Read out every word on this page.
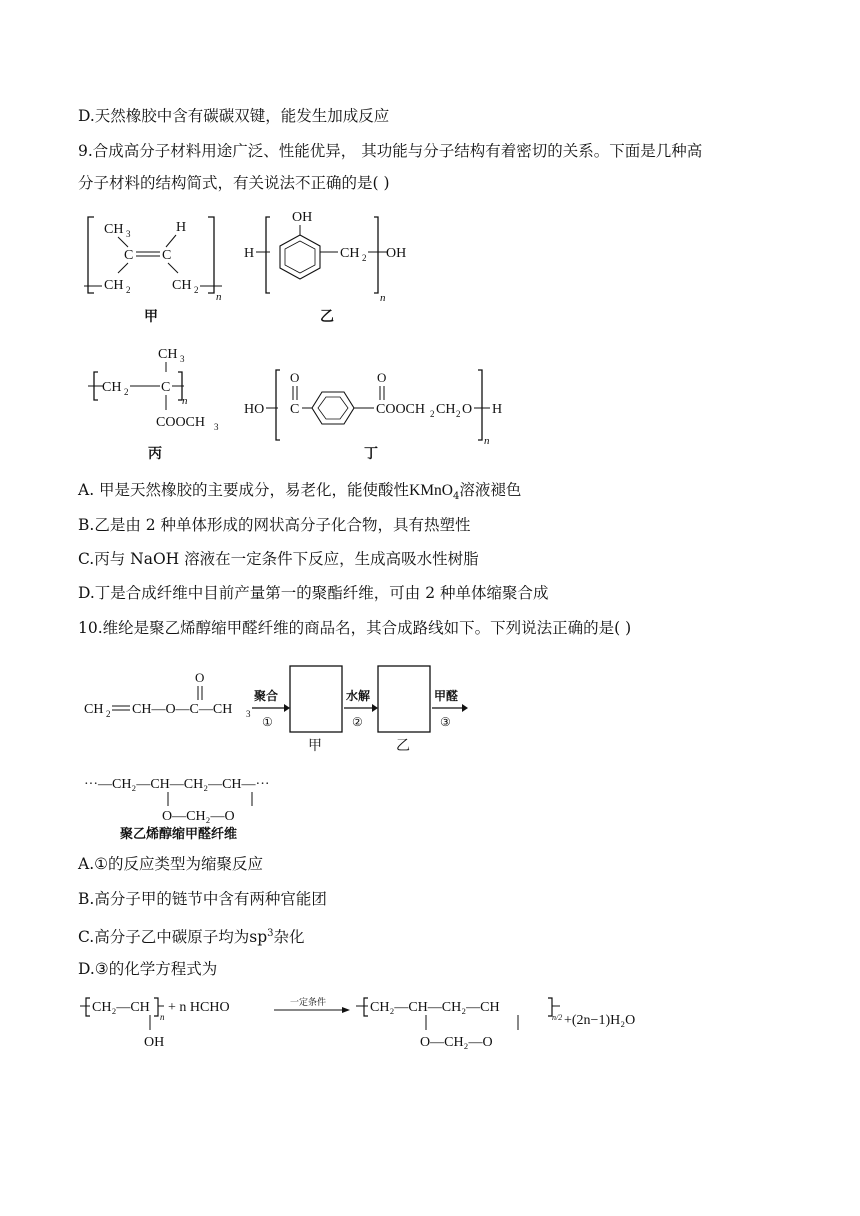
D.天然橡胶中含有碳碳双键，能发生加成反应
9.合成高分子材料用途广泛、性能优异， 其功能与分子结构有着密切的关系。下面是几种高
分子材料的结构简式，有关说法不正确的是( )
CH 3	H
C C
CH 2	CH 2
n
甲
OH
H	CH 2 OH
n
乙
CH 3
CH 2 C
n
COOCH 3
丙
HO
O
C
O
COOCH 2 CH 2 O H
n
丁
A. 甲是天然橡胶的主要成分，易老化，能使酸性KMnO$_4$溶液褪色
B.乙是由 2 种单体形成的网状高分子化合物，具有热塑性
C.丙与 NaOH 溶液在一定条件下反应，生成高吸水性树脂
D.丁是合成纤维中目前产量第一的聚酯纤维，可由 2 种单体缩聚合成
10.维纶是聚乙烯醇缩甲醛纤维的商品名，其合成路线如下。下列说法正确的是( )
O
CH 2 CH—O—C—CH 3
聚合
①
甲
水解
②
乙
甲醛
③
···—CH₂—CH—CH₂—CH—···
O—CH₂—O
聚乙烯醇缩甲醛纤维
A.①的反应类型为缩聚反应
B.高分子甲的链节中含有两种官能团
C.高分子乙中碳原子均为$sp^3$杂化
D.③的化学方程式为
CH₂—CH
n
OH
+ n HCHO	一定条件	CH₂—CH—CH₂—CH
n/2
O—CH₂—O
+(2n−1)H₂O
